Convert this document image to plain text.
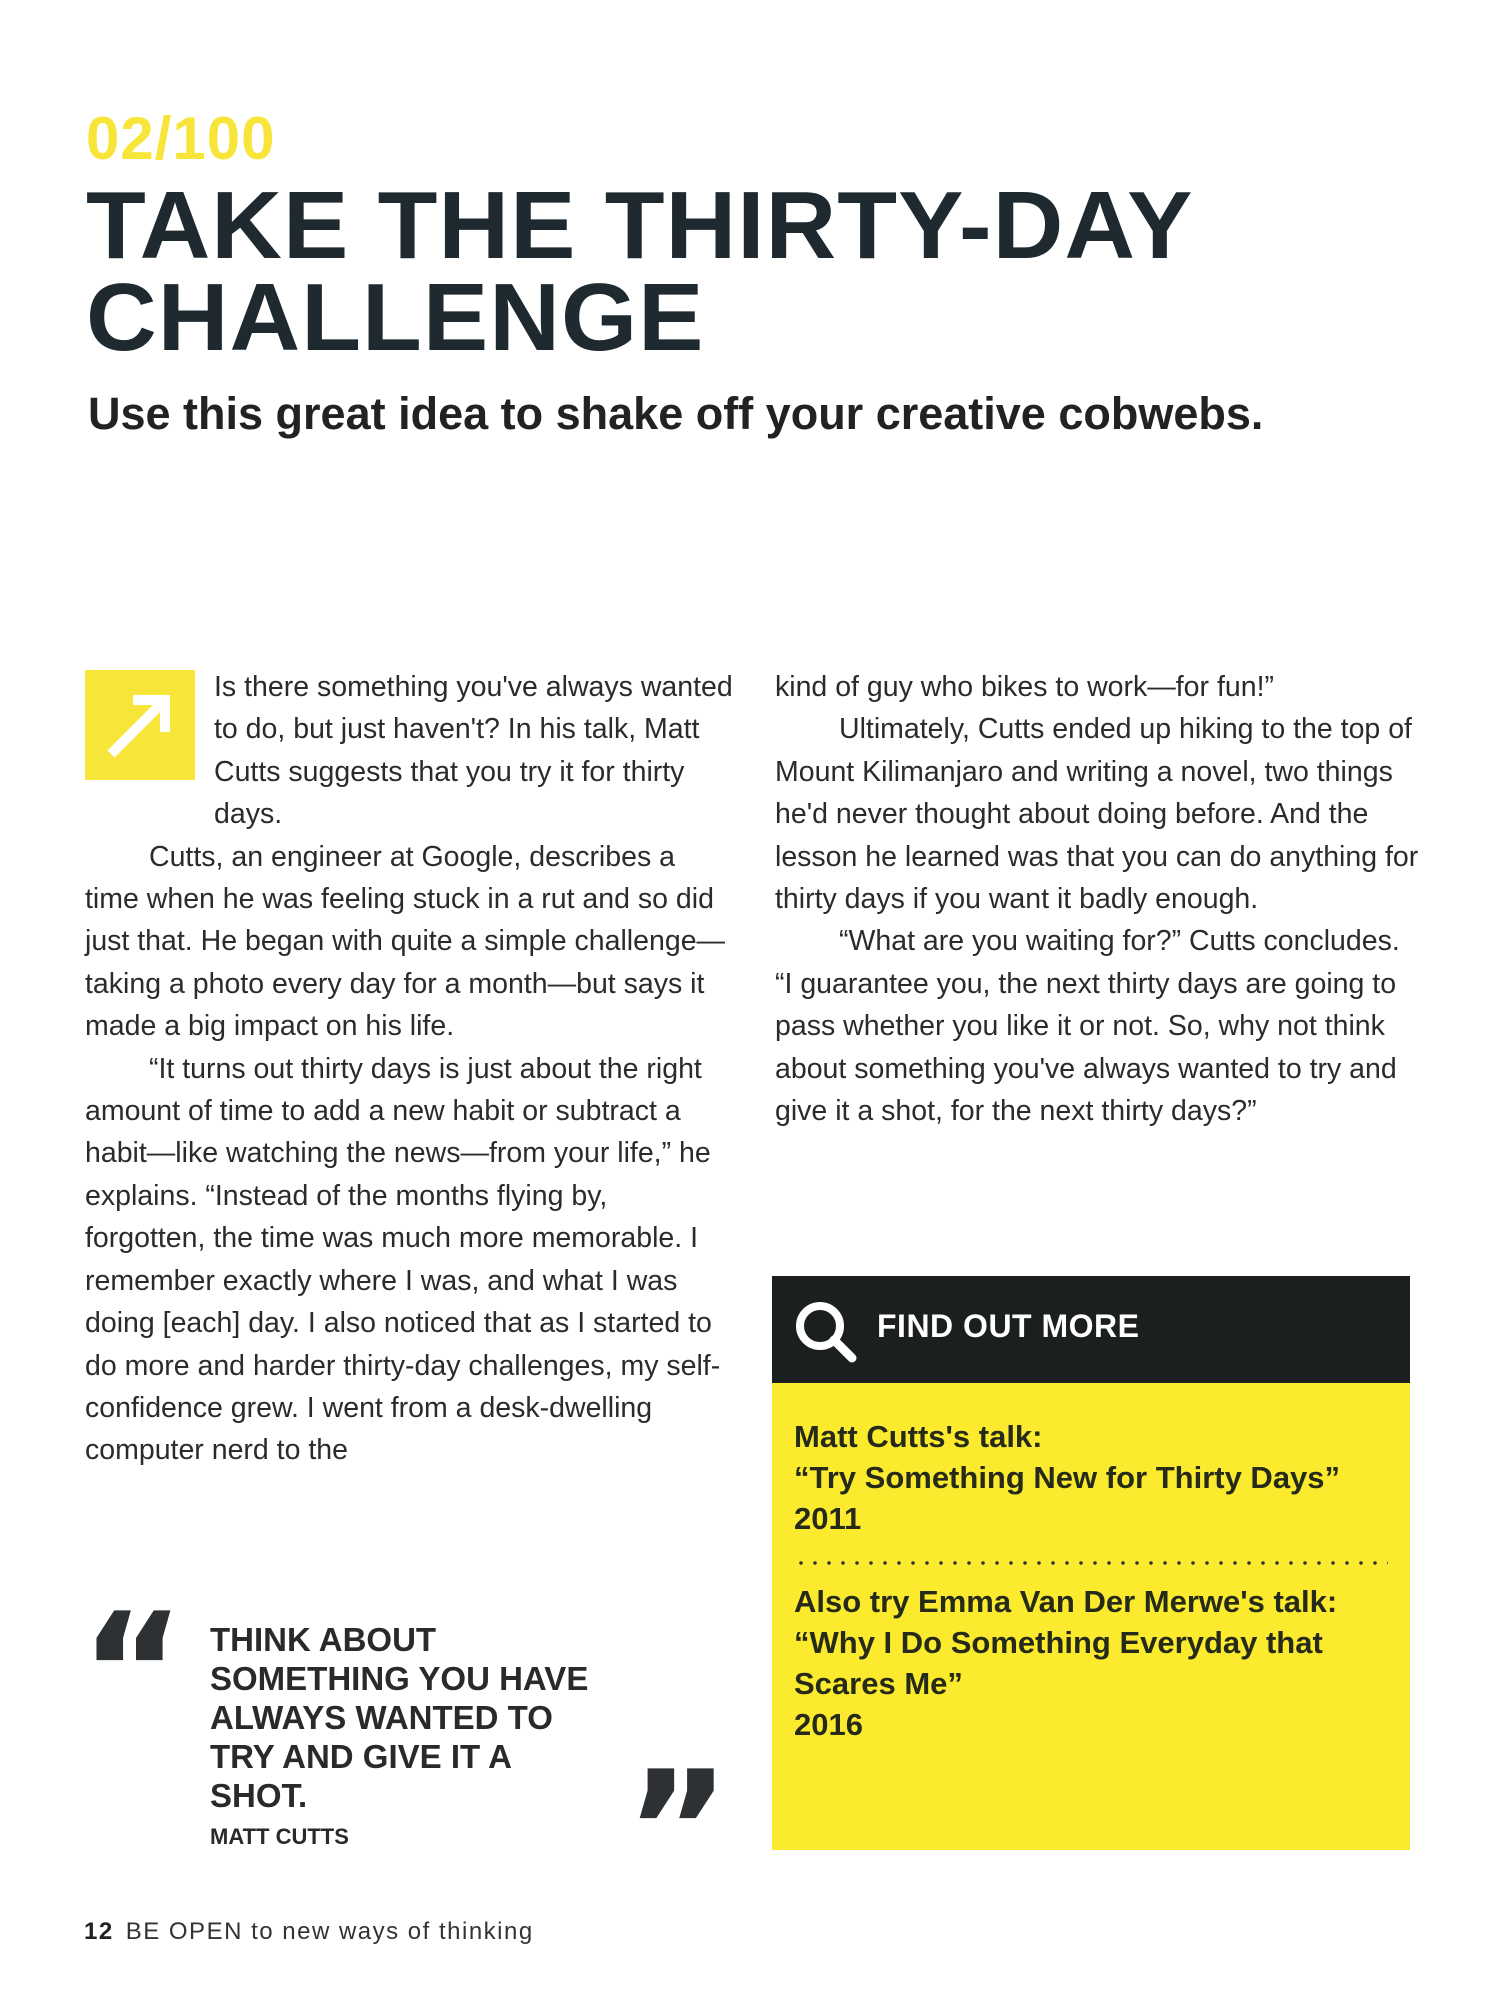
02/100
TAKE THE THIRTY-DAY
CHALLENGE
Use this great idea to shake off your creative cobwebs.

Is there something you've always wanted to do, but just haven't? In his talk, Matt Cutts suggests that you try it for thirty days.

Cutts, an engineer at Google, describes a time when he was feeling stuck in a rut and so did just that. He began with quite a simple challenge—taking a photo every day for a month—but says it made a big impact on his life.

“It turns out thirty days is just about the right amount of time to add a new habit or subtract a habit—like watching the news—from your life,” he explains. “Instead of the months flying by, forgotten, the time was much more memorable. I remember exactly where I was, and what I was doing [each] day. I also noticed that as I started to do more and harder thirty-day challenges, my self-confidence grew. I went from a desk-dwelling computer nerd to the

kind of guy who bikes to work—for fun!”

Ultimately, Cutts ended up hiking to the top of Mount Kilimanjaro and writing a novel, two things he'd never thought about doing before. And the lesson he learned was that you can do anything for thirty days if you want it badly enough.

“What are you waiting for?” Cutts concludes. “I guarantee you, the next thirty days are going to pass whether you like it or not. So, why not think about something you've always wanted to try and give it a shot, for the next thirty days?”

“ THINK ABOUT SOMETHING YOU HAVE ALWAYS WANTED TO TRY AND GIVE IT A SHOT.
MATT CUTTS ”
FIND OUT MORE
Matt Cutts's talk:
“Try Something New for Thirty Days”
2011
Also try Emma Van Der Merwe's talk:
“Why I Do Something Everyday that Scares Me”
2016
12 BE OPEN to new ways of thinking
